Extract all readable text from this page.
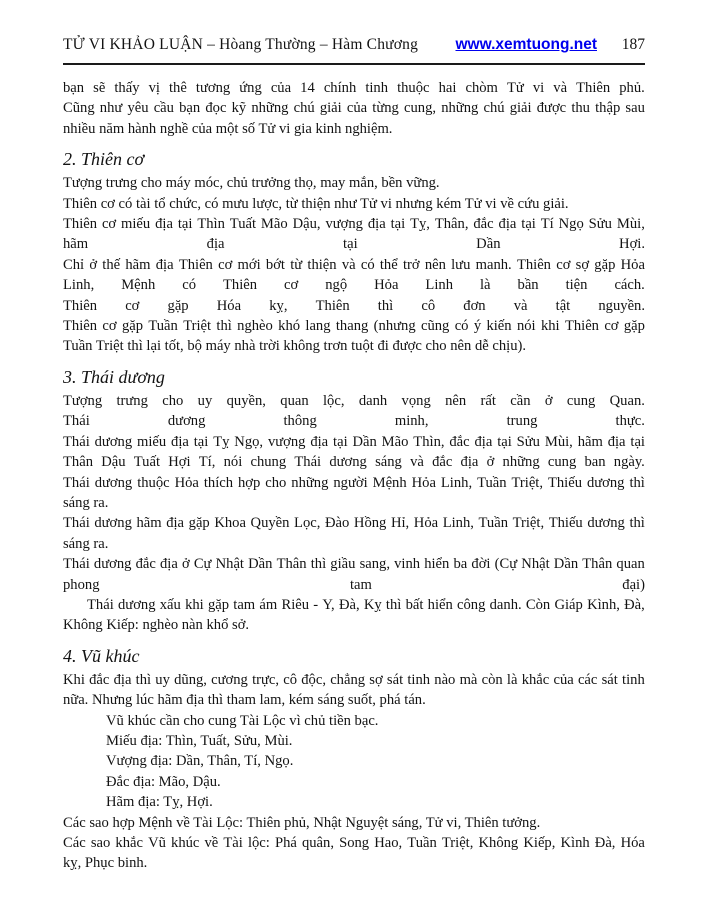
TỬ VI KHẢO LUẬN – Hòang Thường – Hàm Chương	www.xemtuong.net	187
bạn sẽ thấy vị thê tương ứng của 14 chính tinh thuộc hai chòm Tử vi và Thiên phủ.
Cũng như yêu cầu bạn đọc kỹ những chú giải của từng cung, những chú giải được thu thập sau
nhiều năm hành nghề của một số Tử vi gia kinh nghiệm.
2. Thiên cơ
Tượng trưng cho máy móc, chủ trưởng thọ, may mắn, bền vững.
Thiên cơ có tài tổ chức, có mưu lược, từ thiện như Tử vi nhưng kém Tử vi về cứu giải.
Thiên cơ miếu địa tại Thìn Tuất Mão Dậu, vượng địa tại Tỵ, Thân, đắc địa tại Tí Ngọ Sửu Mùi,
hãm	địa	tại	Dần	Hợi.
Chỉ ở thế hãm địa Thiên cơ mới bớt từ thiện và có thể trở nên lưu manh. Thiên cơ sợ gặp Hỏa
Linh, Mệnh có Thiên cơ ngộ Hỏa Linh là bần tiện cách.
Thiên cơ gặp Hóa kỵ, Thiên thì cô đơn và tật nguyền.
Thiên cơ gặp Tuần Triệt thì nghèo khó lang thang (nhưng cũng có ý kiến nói khi Thiên cơ gặp
Tuần Triệt thì lại tốt, bộ máy nhà trời không trơn tuột đi được cho nên dễ chịu).
3. Thái dương
Tượng trưng cho uy quyền, quan lộc, danh vọng nên rất cần ở cung Quan.
Thái	dương	thông	minh,	trung	thực.
Thái dương miếu địa tại Tỵ Ngọ, vượng địa tại Dần Mão Thìn, đắc địa tại Sửu Mùi, hãm địa tại
Thân Dậu Tuất Hợi Tí, nói chung Thái dương sáng và đắc địa ở những cung ban ngày.
Thái dương thuộc Hỏa thích hợp cho những người Mệnh Hỏa Linh, Tuần Triệt, Thiếu dương thì
sáng ra.
Thái dương hãm địa gặp Khoa Quyền Lọc, Đào Hồng Hỉ, Hỏa Linh, Tuần Triệt, Thiếu dương thì
sáng ra.
Thái dương đắc địa ở Cự Nhật Dần Thân thì giầu sang, vinh hiển ba đời (Cự Nhật Dần Thân quan
phong	tam	đại)
Thái dương xấu khi gặp tam ám Riêu - Y, Đà, Kỵ thì bất hiển công danh. Còn Giáp Kình, Đà,
Không Kiếp: nghèo nàn khổ sở.
4. Vũ khúc
Khi đắc địa thì uy dũng, cương trực, cô độc, chẳng sợ sát tinh nào mà còn là khắc của các sát tinh
nữa. Nhưng lúc hãm địa thì tham lam, kém sáng suốt, phá tán.
Vũ khúc cần cho cung Tài Lộc vì chủ tiền bạc.
Miếu địa: Thìn, Tuất, Sửu, Mùi.
Vượng địa: Dần, Thân, Tí, Ngọ.
Đắc địa: Mão, Dậu.
Hãm địa: Tỵ, Hợi.
Các sao hợp Mệnh về Tài Lộc: Thiên phủ, Nhật Nguyệt sáng, Tử vi, Thiên tưởng.
Các sao khắc Vũ khúc về Tài lộc: Phá quân, Song Hao, Tuần Triệt, Không Kiếp, Kình Đà, Hóa
kỵ, Phục binh.
